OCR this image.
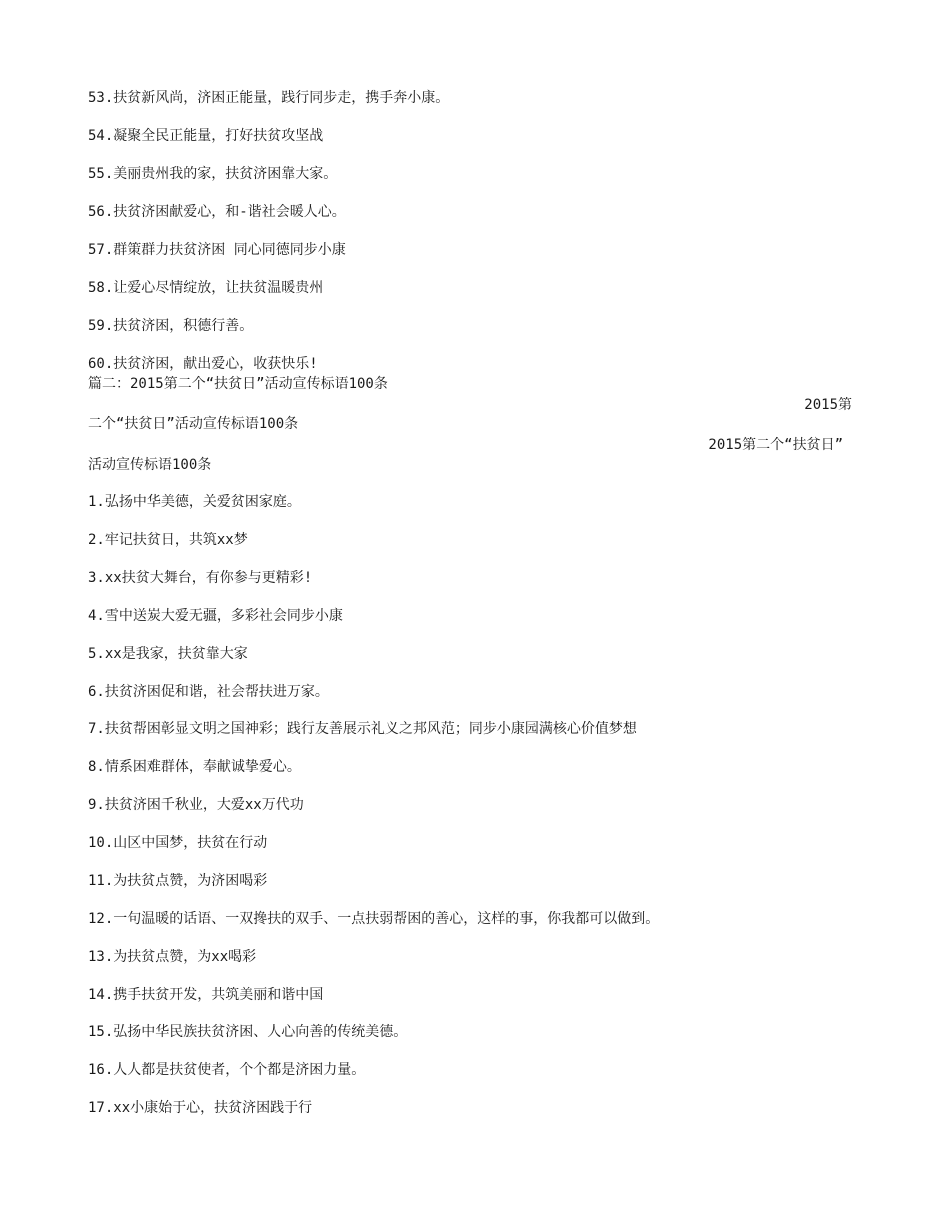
53.扶贫新风尚，济困正能量，践行同步走，携手奔小康。
54.凝聚全民正能量，打好扶贫攻坚战
55.美丽贵州我的家，扶贫济困靠大家。
56.扶贫济困献爱心，和-谐社会暖人心。
57.群策群力扶贫济困 同心同德同步小康
58.让爱心尽情绽放，让扶贫温暖贵州
59.扶贫济困，积德行善。
60.扶贫济困，献出爱心，收获快乐!
篇二：2015第二个“扶贫日”活动宣传标语100条
2015第
二个“扶贫日”活动宣传标语100条
2015第二个“扶贫日”
活动宣传标语100条
1.弘扬中华美德，关爱贫困家庭。
2.牢记扶贫日，共筑xx梦
3.xx扶贫大舞台，有你参与更精彩!
4.雪中送炭大爱无疆，多彩社会同步小康
5.xx是我家，扶贫靠大家
6.扶贫济困促和谐，社会帮扶进万家。
7.扶贫帮困彰显文明之国神彩；践行友善展示礼义之邦风范；同步小康园满核心价值梦想
8.情系困难群体，奉献诚挚爱心。
9.扶贫济困千秋业，大爱xx万代功
10.山区中国梦，扶贫在行动
11.为扶贫点赞，为济困喝彩
12.一句温暖的话语、一双搀扶的双手、一点扶弱帮困的善心，这样的事，你我都可以做到。
13.为扶贫点赞，为xx喝彩
14.携手扶贫开发，共筑美丽和谐中国
15.弘扬中华民族扶贫济困、人心向善的传统美德。
16.人人都是扶贫使者，个个都是济困力量。
17.xx小康始于心，扶贫济困践于行
